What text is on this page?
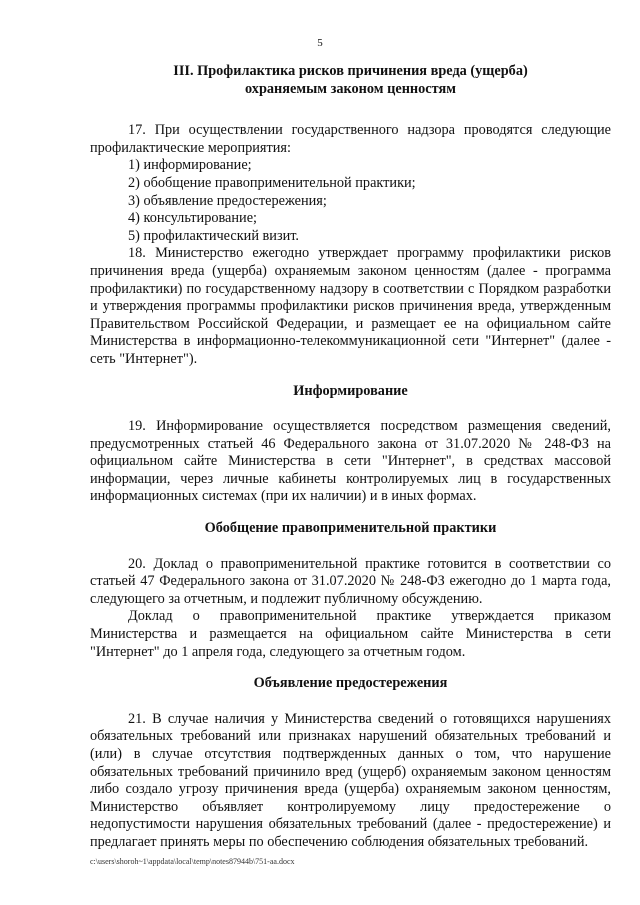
5
III. Профилактика рисков причинения вреда (ущерба)
охраняемым законом ценностям

17. При осуществлении государственного надзора проводятся следующие профилактические мероприятия:

1) информирование;

2) обобщение правоприменительной практики;

3) объявление предостережения;

4) консультирование;

5) профилактический визит.

18. Министерство ежегодно утверждает программу профилактики рисков причинения вреда (ущерба) охраняемым законом ценностям (далее - программа профилактики) по государственному надзору в соответствии с Порядком разработки и утверждения программы профилактики рисков причинения вреда, утвержденным Правительством Российской Федерации, и размещает ее на официальном сайте Министерства в информационно-телекоммуникационной сети "Интернет" (далее - сеть "Интернет").

Информирование

19. Информирование осуществляется посредством размещения сведений, предусмотренных статьей 46 Федерального закона от 31.07.2020 № 248-ФЗ на официальном сайте Министерства в сети "Интернет", в средствах массовой информации, через личные кабинеты контролируемых лиц в государственных информационных системах (при их наличии) и в иных формах.

Обобщение правоприменительной практики

20. Доклад о правоприменительной практике готовится в соответствии со статьей 47 Федерального закона от 31.07.2020 № 248-ФЗ ежегодно до 1 марта года, следующего за отчетным, и подлежит публичному обсуждению.

Доклад о правоприменительной практике утверждается приказом Министерства и размещается на официальном сайте Министерства в сети "Интернет" до 1 апреля года, следующего за отчетным годом.

Объявление предостережения

21. В случае наличия у Министерства сведений о готовящихся нарушениях обязательных требований или признаках нарушений обязательных требований и (или) в случае отсутствия подтвержденных данных о том, что нарушение обязательных требований причинило вред (ущерб) охраняемым законом ценностям либо создало угрозу причинения вреда (ущерба) охраняемым законом ценностям, Министерство объявляет контролируемому лицу предостережение о недопустимости нарушения обязательных требований (далее - предостережение) и предлагает принять меры по обеспечению соблюдения обязательных требований.

c:\users\shoroh~1\appdata\local\temp\notes87944b\751-aa.docx
